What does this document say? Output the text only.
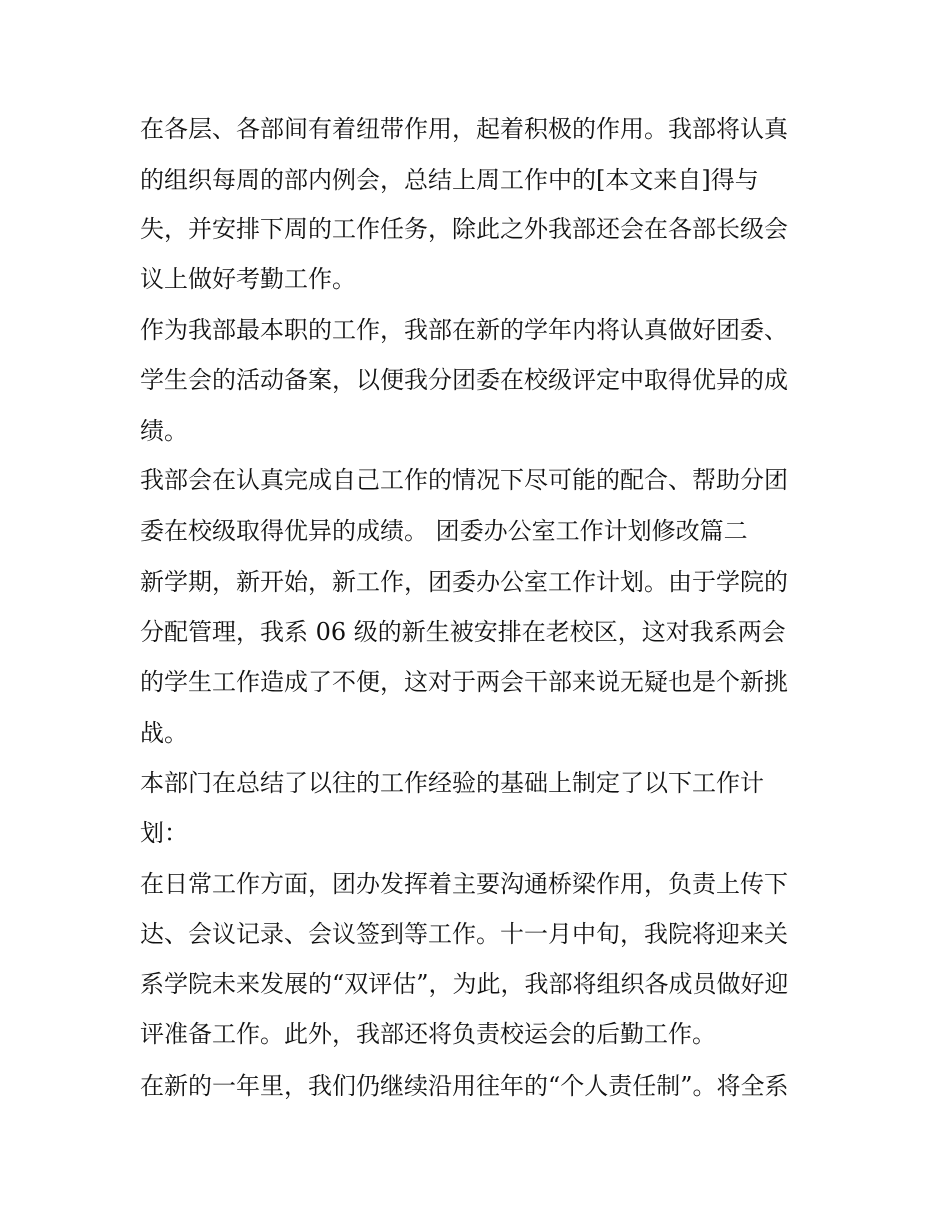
在各层、各部间有着纽带作用，起着积极的作用。我部将认真
的组织每周的部内例会，总结上周工作中的[本文来自]得与
失，并安排下周的工作任务，除此之外我部还会在各部长级会
议上做好考勤工作。
作为我部最本职的工作，我部在新的学年内将认真做好团委、
学生会的活动备案，以便我分团委在校级评定中取得优异的成
绩。
我部会在认真完成自己工作的情况下尽可能的配合、帮助分团
委在校级取得优异的成绩。 团委办公室工作计划修改篇二
新学期，新开始，新工作，团委办公室工作计划。由于学院的
分配管理，我系 06 级的新生被安排在老校区，这对我系两会
的学生工作造成了不便，这对于两会干部来说无疑也是个新挑
战。
本部门在总结了以往的工作经验的基础上制定了以下工作计
划：
在日常工作方面，团办发挥着主要沟通桥梁作用，负责上传下
达、会议记录、会议签到等工作。十一月中旬，我院将迎来关
系学院未来发展的“双评估”，为此，我部将组织各成员做好迎
评准备工作。此外，我部还将负责校运会的后勤工作。
在新的一年里，我们仍继续沿用往年的“个人责任制”。将全系
